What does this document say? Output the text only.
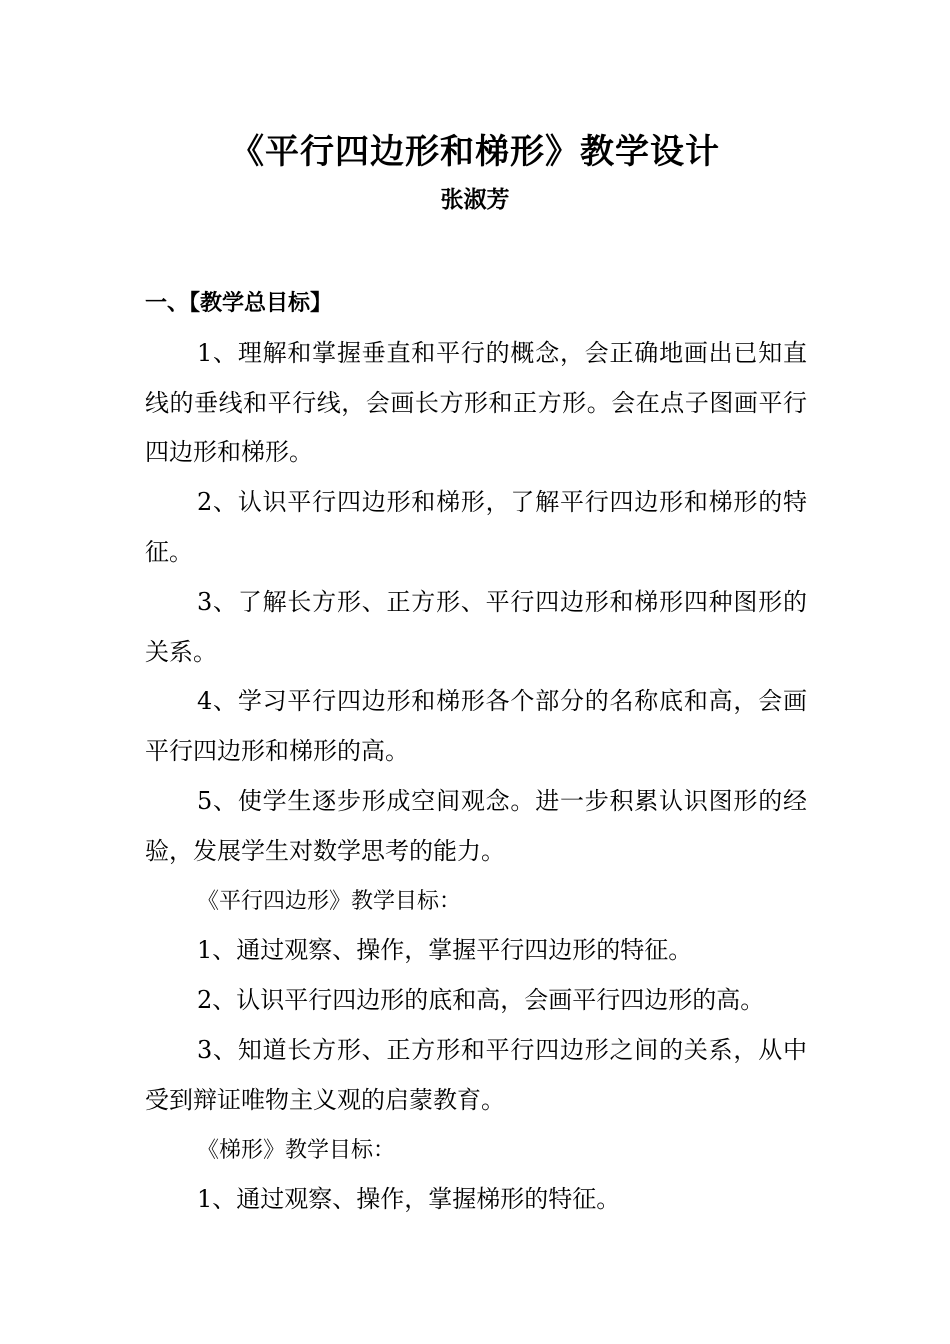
《平行四边形和梯形》教学设计
张淑芳

一、【教学总目标】

1、理解和掌握垂直和平行的概念，会正确地画出已知直线的垂线和平行线，会画长方形和正方形。会在点子图画平行四边形和梯形。

2、认识平行四边形和梯形，了解平行四边形和梯形的特征。

3、了解长方形、正方形、平行四边形和梯形四种图形的关系。

4、学习平行四边形和梯形各个部分的名称底和高，会画平行四边形和梯形的高。

5、使学生逐步形成空间观念。进一步积累认识图形的经验，发展学生对数学思考的能力。

《平行四边形》教学目标：

1、通过观察、操作，掌握平行四边形的特征。

2、认识平行四边形的底和高，会画平行四边形的高。

3、知道长方形、正方形和平行四边形之间的关系，从中受到辩证唯物主义观的启蒙教育。

《梯形》教学目标：

1、通过观察、操作，掌握梯形的特征。
